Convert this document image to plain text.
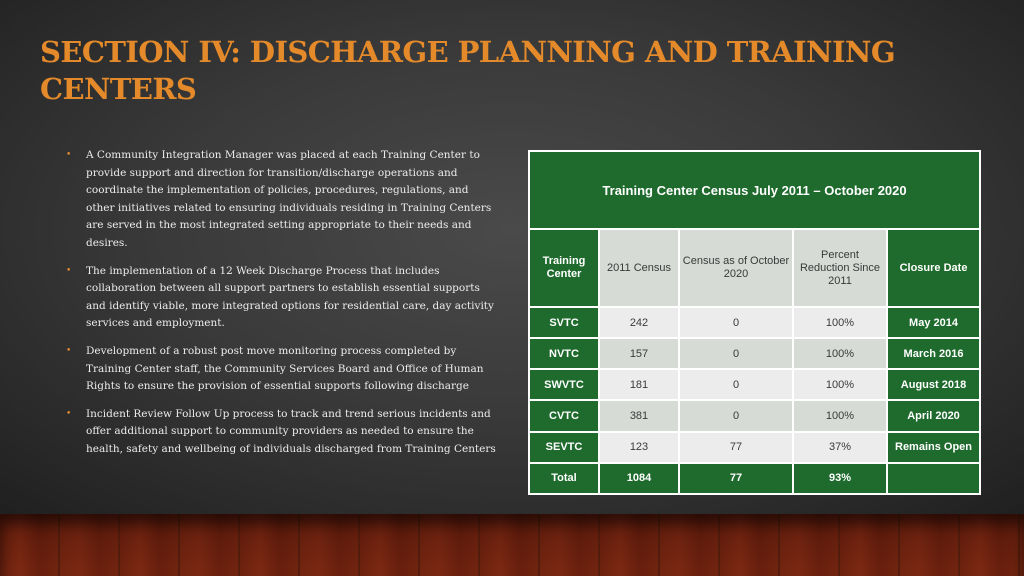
SECTION IV: DISCHARGE PLANNING AND TRAINING CENTERS
• A Community Integration Manager was placed at each Training Center to provide support and direction for transition/discharge operations and coordinate the implementation of policies, procedures, regulations, and other initiatives related to ensuring individuals residing in Training Centers are served in the most integrated setting appropriate to their needs and desires.
• The implementation of a 12 Week Discharge Process that includes collaboration between all support partners to establish essential supports and identify viable, more integrated options for residential care, day activity services and employment.
• Development of a robust post move monitoring process completed by Training Center staff, the Community Services Board and Office of Human Rights to ensure the provision of essential supports following discharge
• Incident Review Follow Up process to track and trend serious incidents and offer additional support to community providers as needed to ensure the health, safety and wellbeing of individuals discharged from Training Centers
Training Center Census July 2011 – October 2020				
Training Center	2011 Census	Census as of October 2020	Percent Reduction Since 2011	Closure Date
SVTC	242	0	100%	May 2014
NVTC	157	0	100%	March 2016
SWVTC	181	0	100%	August 2018
CVTC	381	0	100%	April 2020
SEVTC	123	77	37%	Remains Open
Total	1084	77	93%	
